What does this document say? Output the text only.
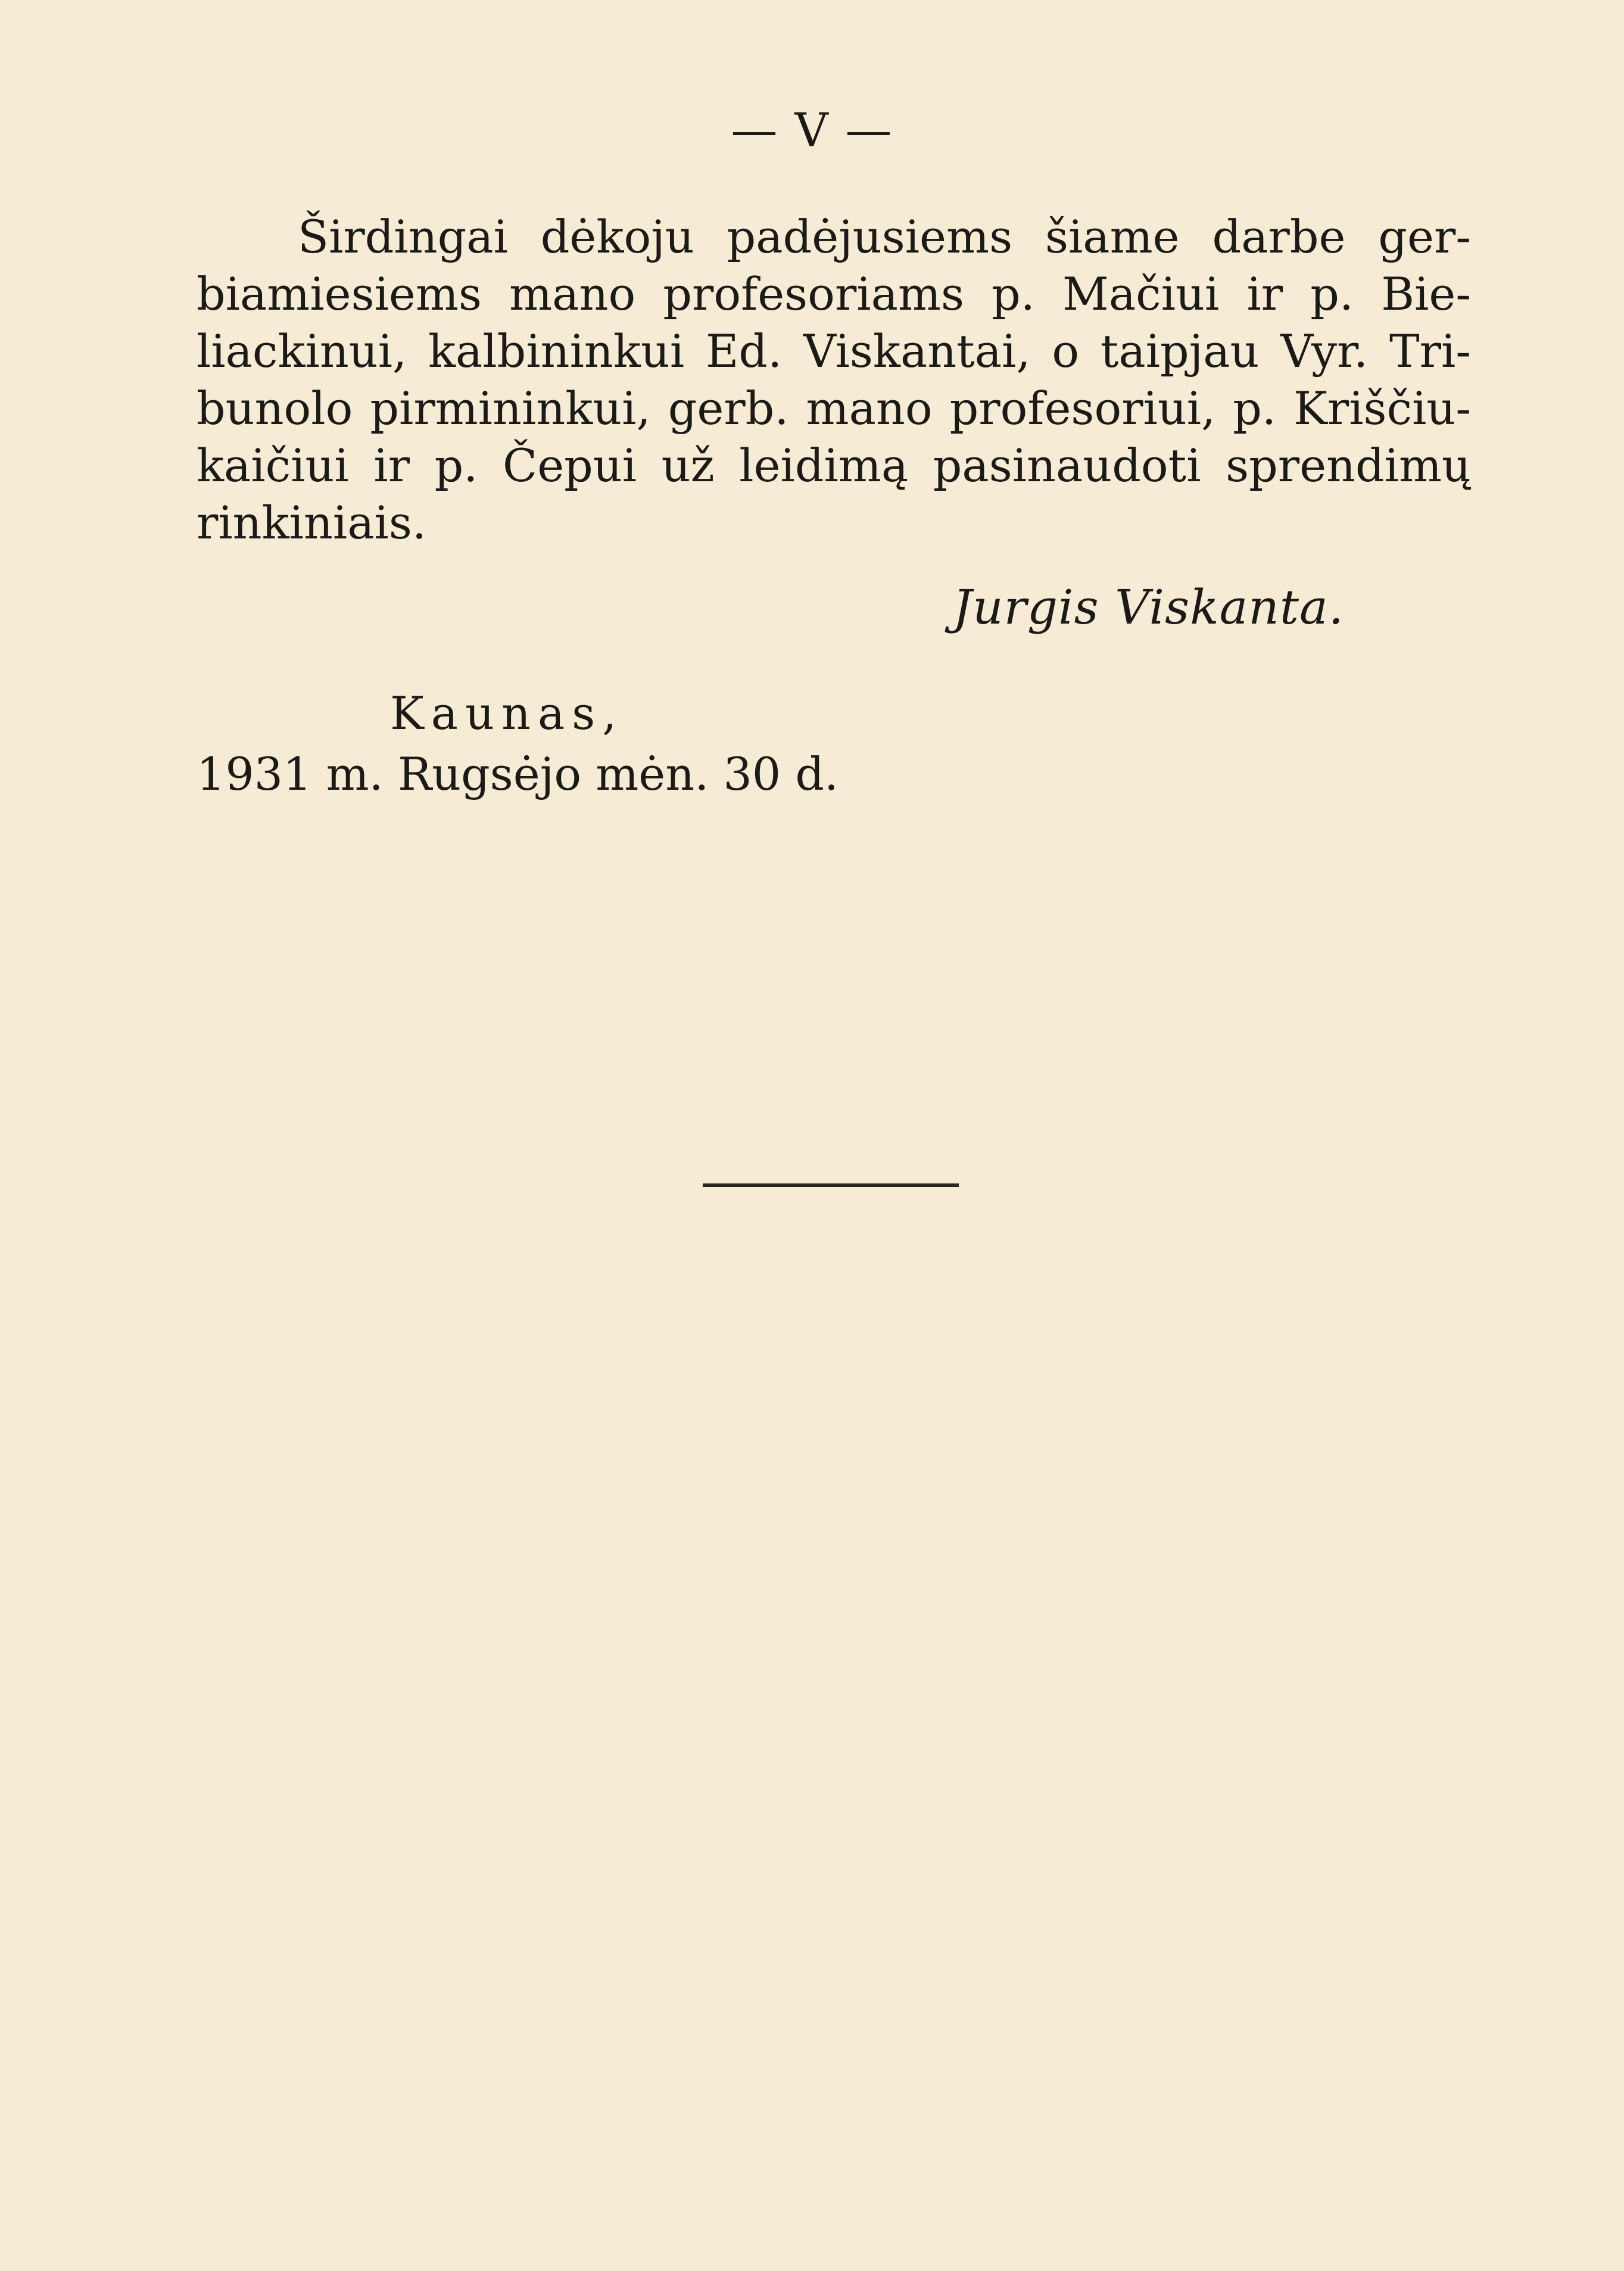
— V —
Širdingai dėkoju padėjusiems šiame darbe ger-
biamiesiems mano profesoriams p. Mačiui ir p. Bie-
liackinui, kalbininkui Ed. Viskantai, o taipjau Vyr. Tri-
bunolo pirmininkui, gerb. mano profesoriui, p. Kriščiu-
kaičiui ir p. Čepui už leidimą pasinaudoti sprendimų
rinkiniais.
Jurgis Viskanta.
Kaunas,
1931 m. Rugsėjo mėn. 30 d.
